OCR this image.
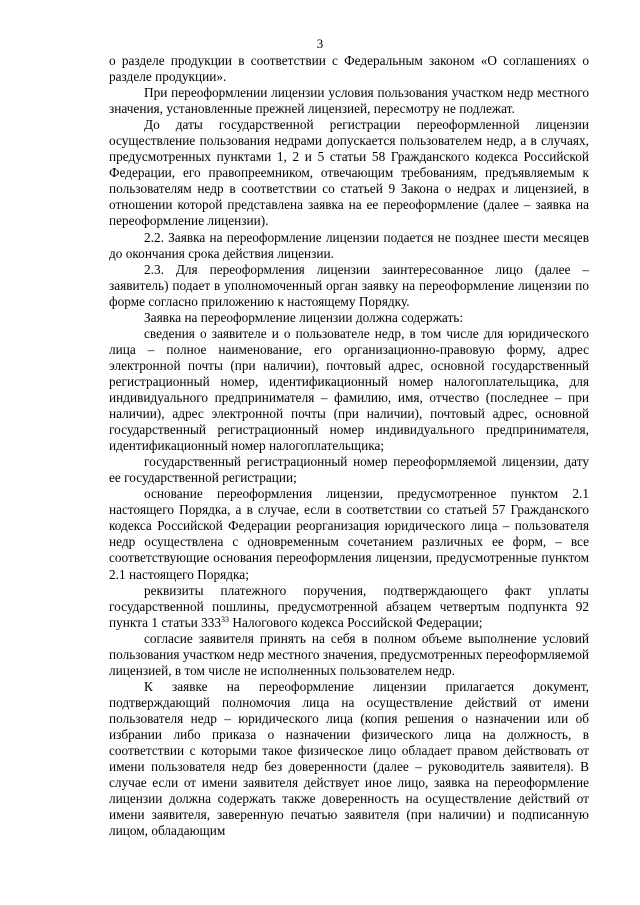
3

о разделе продукции в соответствии с Федеральным законом «О соглашениях о разделе продукции».

При переоформлении лицензии условия пользования участком недр местного значения, установленные прежней лицензией, пересмотру не подлежат.

До даты государственной регистрации переоформленной лицензии осуществление пользования недрами допускается пользователем недр, а в случаях, предусмотренных пунктами 1, 2 и 5 статьи 58 Гражданского кодекса Российской Федерации, его правопреемником, отвечающим требованиям, предъявляемым к пользователям недр в соответствии со статьей 9 Закона о недрах и лицензией, в отношении которой представлена заявка на ее переоформление (далее – заявка на переоформление лицензии).

2.2. Заявка на переоформление лицензии подается не позднее шести месяцев до окончания срока действия лицензии.

2.3. Для переоформления лицензии заинтересованное лицо (далее – заявитель) подает в уполномоченный орган заявку на переоформление лицензии по форме согласно приложению к настоящему Порядку.

Заявка на переоформление лицензии должна содержать:

сведения о заявителе и о пользователе недр, в том числе для юридического лица – полное наименование, его организационно-правовую форму, адрес электронной почты (при наличии), почтовый адрес, основной государственный регистрационный номер, идентификационный номер налогоплательщика, для индивидуального предпринимателя – фамилию, имя, отчество (последнее – при наличии), адрес электронной почты (при наличии), почтовый адрес, основной государственный регистрационный номер индивидуального предпринимателя, идентификационный номер налогоплательщика;

государственный регистрационный номер переоформляемой лицензии, дату ее государственной регистрации;

основание переоформления лицензии, предусмотренное пунктом 2.1 настоящего Порядка, а в случае, если в соответствии со статьей 57 Гражданского кодекса Российской Федерации реорганизация юридического лица – пользователя недр осуществлена с одновременным сочетанием различных ее форм, – все соответствующие основания переоформления лицензии, предусмотренные пунктом 2.1 настоящего Порядка;

реквизиты платежного поручения, подтверждающего факт уплаты государственной пошлины, предусмотренной абзацем четвертым подпункта 92 пункта 1 статьи $333^{33}$ Налогового кодекса Российской Федерации;

согласие заявителя принять на себя в полном объеме выполнение условий пользования участком недр местного значения, предусмотренных переоформляемой лицензией, в том числе не исполненных пользователем недр.

К заявке на переоформление лицензии прилагается документ, подтверждающий полномочия лица на осуществление действий от имени пользователя недр – юридического лица (копия решения о назначении или об избрании либо приказа о назначении физического лица на должность, в соответствии с которыми такое физическое лицо обладает правом действовать от имени пользователя недр без доверенности (далее – руководитель заявителя). В случае если от имени заявителя действует иное лицо, заявка на переоформление лицензии должна содержать также доверенность на осуществление действий от имени заявителя, заверенную печатью заявителя (при наличии) и подписанную лицом, обладающим
